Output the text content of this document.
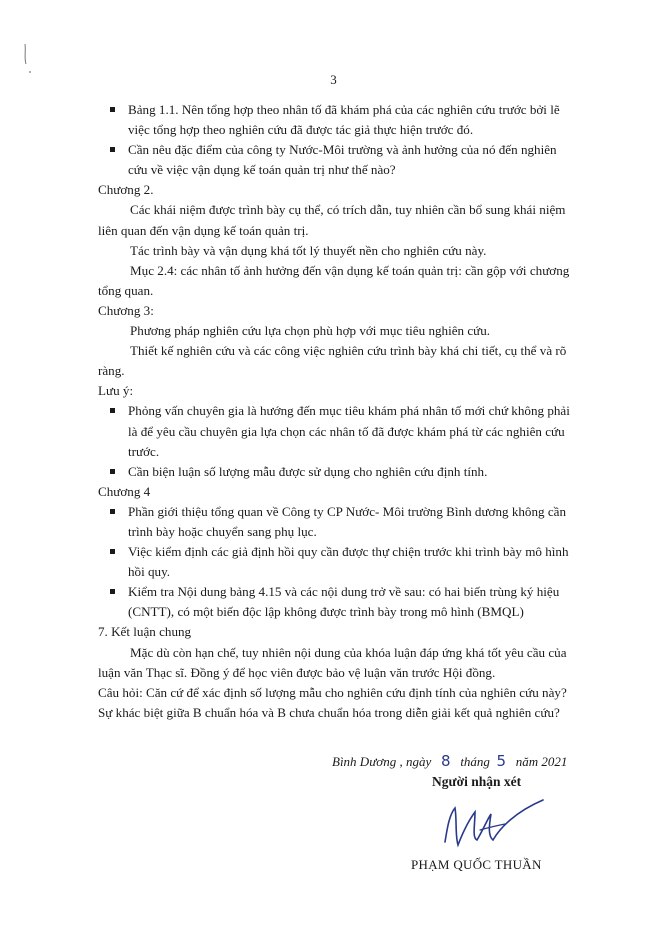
3
Bảng 1.1. Nên tổng hợp theo nhân tố đã khám phá của các nghiên cứu trước bởi lẽ
việc tổng hợp theo nghiên cứu đã được tác giả thực hiện trước đó.
Cần nêu đặc điểm của công ty Nước-Môi trường và ảnh hưởng của nó đến nghiên
cứu về việc vận dụng kế toán quản trị như thế nào?
Chương 2.
Các khái niệm được trình bày cụ thể, có trích dẫn, tuy nhiên cần bổ sung khái niệm
liên quan đến vận dụng kế toán quản trị.
Tác trình bày và vận dụng khá tốt lý thuyết nền cho nghiên cứu này.
Mục 2.4: các nhân tố ảnh hưởng đến vận dụng kế toán quản trị: cần gộp với chương
tổng quan.
Chương 3:
Phương pháp nghiên cứu lựa chọn phù hợp với mục tiêu nghiên cứu.
Thiết kế nghiên cứu và các công việc nghiên cứu trình bày khá chi tiết, cụ thể và rõ
ràng.
Lưu ý:
Phỏng vấn chuyên gia là hướng đến mục tiêu khám phá nhân tố mới chứ không phải
là để yêu cầu chuyên gia lựa chọn các nhân tố đã được khám phá từ các nghiên cứu
trước.
Cần biện luận số lượng mẫu được sử dụng cho nghiên cứu định tính.
Chương 4
Phần giới thiệu tổng quan về Công ty CP Nước- Môi trường Bình dương không cần
trình bày hoặc chuyển sang phụ lục.
Việc kiểm định các giả định hồi quy cần được thự chiện trước khi trình bày mô hình
hồi quy.
Kiểm tra Nội dung bảng 4.15 và các nội dung trở về sau: có hai biến trùng ký hiệu
(CNTT), có một biến độc lập không được trình bày trong mô hình (BMQL)
7. Kết luận chung
Mặc dù còn hạn chế, tuy nhiên nội dung của khóa luận đáp ứng khá tốt yêu cầu của
luận văn Thạc sĩ. Đồng ý để học viên được bảo vệ luận văn trước Hội đồng.
Câu hỏi: Căn cứ để xác định số lượng mẫu cho nghiên cứu định tính của nghiên cứu này?
Sự khác biệt giữa B chuẩn hóa và B chưa chuẩn hóa trong diễn giải kết quả nghiên cứu?
Bình Dương , ngày 8 tháng 5 năm 2021
Người nhận xét
PHẠM QUỐC THUẦN
